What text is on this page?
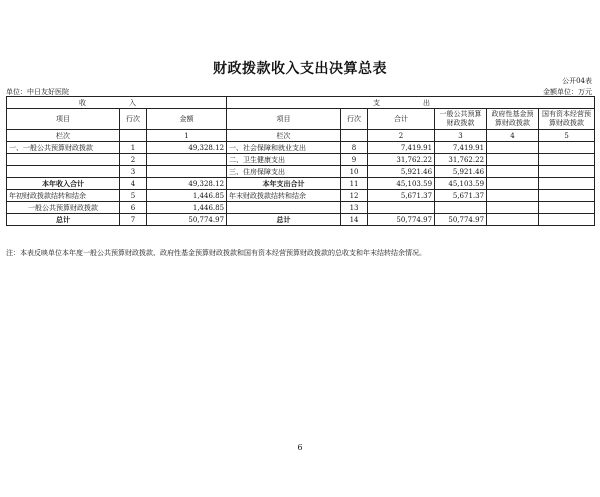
财政拨款收入支出决算总表
公开04表
单位：中日友好医院	金额单位：万元
收　入			支　出					
项目	行次	金额	项目	行次	合计	一般公共预算财政拨款	政府性基金预算财政拨款	国有资本经营预算财政拨款
栏次		1	栏次		2	3	4	5
一、一般公共预算财政拨款	1	49,328.12	一、社会保障和就业支出	8	7,419.91	7,419.91		
	2		二、卫生健康支出	9	31,762.22	31,762.22		
	3		三、住房保障支出	10	5,921.46	5,921.46		
本年收入合计	4	49,328.12	本年支出合计	11	45,103.59	45,103.59		
年初财政拨款结转和结余	5	1,446.85	年末财政拨款结转和结余	12	5,671.37	5,671.37		
一般公共预算财政拨款	6	1,446.85		13				
总计	7	50,774.97	总计	14	50,774.97	50,774.97		
注：本表反映单位本年度一般公共预算财政拨款、政府性基金预算财政拨款和国有资本经营预算财政拨款的总收支和年末结转结余情况。
6
